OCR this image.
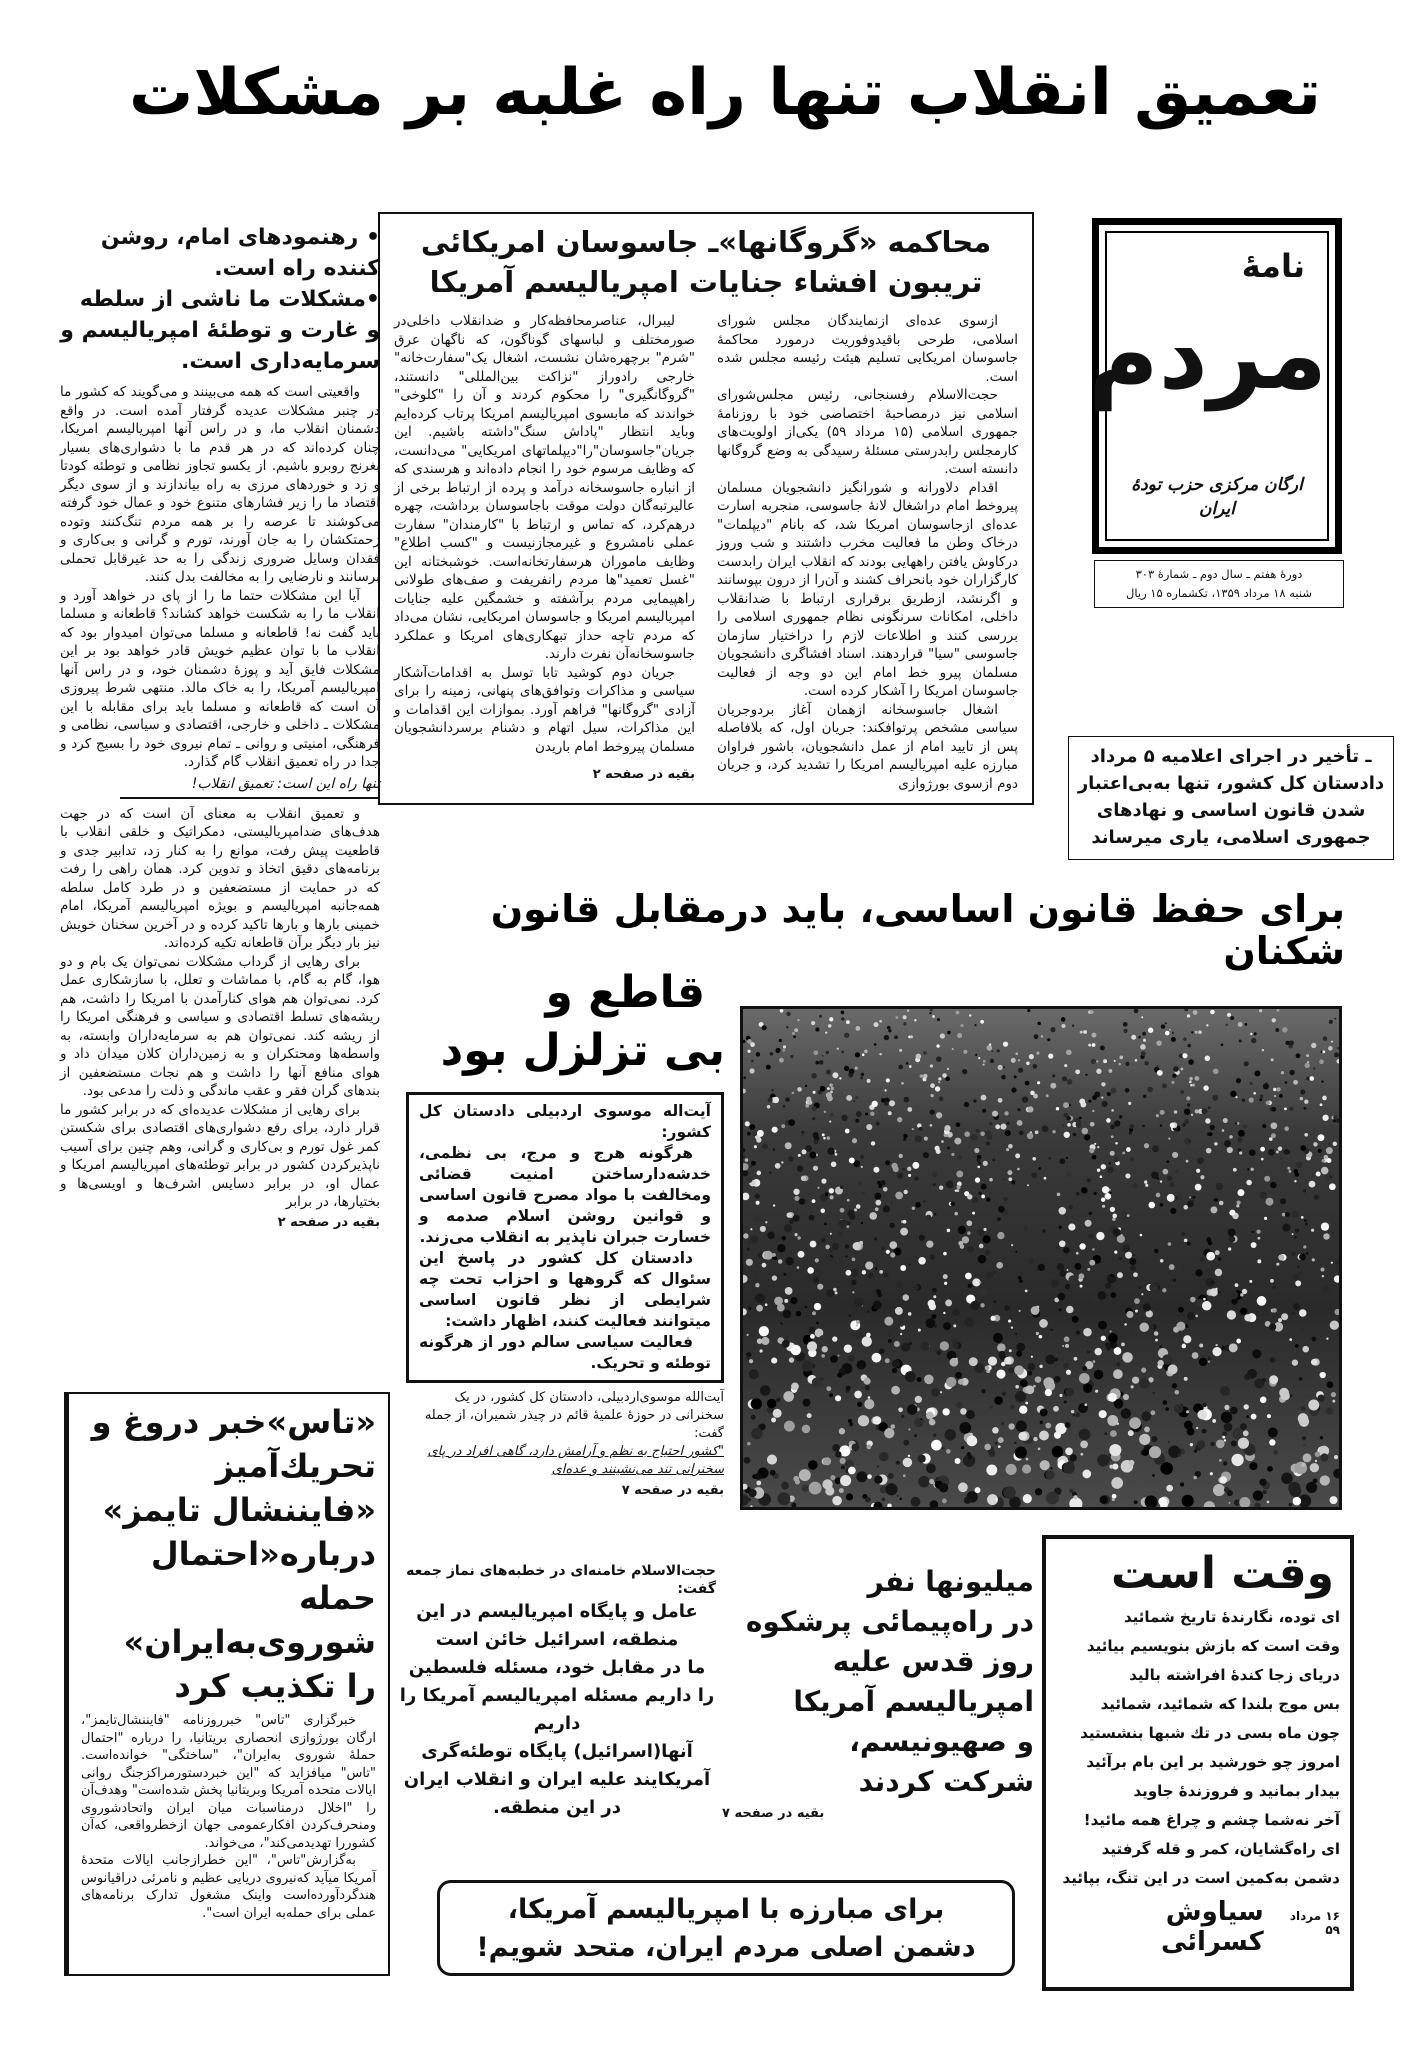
تعمیق انقلاب تنها راه غلبه بر مشکلات
• رهنمودهای امام، روشن کننده راه است.
•مشکلات ما ناشی از سلطه و غارت و توطئهٔ امپریالیسم و سرمایه‌داری است.

واقعیتی است که همه می‌بینند و می‌گویند که کشور ما در چنبر مشکلات عدیده گرفتار آمده است. در واقع دشمنان انقلاب ما، و در راس آنها امپریالیسم امریکا، چنان کرده‌اند که در هر قدم ما با دشواری‌های بسیار بغرنج روبرو باشیم. از یکسو تجاوز نظامی و توطئه کودتا و زد و خوردهای مرزی به راه بیاندازند و از سوی دیگر اقتصاد ما را زیر فشارهای متنوع خود و عمال خود گرفته می‌کوشند تا عرصه را بر همه مردم تنگ‌کنند وتوده زحمتکشان را به جان آورند، تورم و گرانی و بی‌کاری و فقدان وسایل ضروری زندگی را به حد غیرقابل تحملی برسانند و نارضایی را به مخالفت بدل کنند.

آیا این مشکلات حتما ما را از پای در خواهد آورد و انقلاب ما را به شکست خواهد کشاند؟ قاطعانه و مسلما باید گفت نه! قاطعانه و مسلما می‌توان امیدوار بود که انقلاب ما با توان عظیم خویش قادر خواهد بود بر این مشکلات فایق آید و پوزهٔ دشمنان خود، و در راس آنها امپریالیسم آمریکا، را به خاک مالد. منتهی شرط پیروزی آن است که قاطعانه و مسلما باید برای مقابله با این مشکلات ـ داخلی و خارجی، اقتصادی و سیاسی، نظامی و فرهنگی، امنیتی و روانی ـ تمام نیروی خود را بسیج کرد و جدا در راه تعمیق انقلاب گام گذارد.

تنها راه این است: تعمیق انقلاب!

و تعمیق انقلاب به معنای آن است که در جهت هدف‌های ضدامپریالیستی، دمکراتیک و خلقی انقلاب با قاطعیت پیش رفت، موانع را به کنار زد، تدابیر جدی و برنامه‌های دقیق اتخاذ و تدوین کرد. همان راهی را رفت که در حمایت از مستضعفین و در طرد کامل سلطه همه‌جانبه امپریالیسم و بویژه امپریالیسم آمریکا، امام خمینی بارها و بارها تاکید کرده و در آخرین سخنان خویش نیز بار دیگر برآن قاطعانه تکیه کرده‌اند.

برای رهایی از گرداب مشکلات نمی‌توان یک بام و دو هوا، گام به گام، با مماشات و تعلل، با سازشکاری عمل کرد. نمی‌توان هم هوای کنارآمدن با امریکا را داشت، هم ریشه‌های تسلط اقتصادی و سیاسی و فرهنگی امریکا را از ریشه کند. نمی‌توان هم به سرمایه‌داران وابسته، به واسطه‌ها ومحتکران و به زمین‌داران کلان میدان داد و هوای منافع آنها را داشت و هم نجات مستضعفین از بندهای گران فقر و عقب ماندگی و ذلت را مدعی بود.

برای رهایی از مشکلات عدیده‌ای که در برابر کشور ما قرار دارد، برای رفع دشواری‌های اقتصادی برای شکستن کمر غول تورم و بی‌کاری و گرانی، وهم چنین برای آسیب ناپذیرکردن کشور در برابر توطئه‌های امپریالیسم امریکا و عمال او، در برابر دسایس اشرف‌ها و اویسی‌ها و بختیارها، در برابر

بقیه در صفحه ۲
محاکمه «گروگانها»ـ جاسوسان امریکائی
تریبون افشاء جنایات امپریالیسم آمریکا

ازسوی عده‌ای ازنمایندگان مجلس شورای اسلامی، طرحی باقیدوفوریت درمورد محاکمهٔ جاسوسان امریکایی تسلیم هیئت رئیسه مجلس شده است.

حجت‌الاسلام رفسنجانی، رئیس مجلس‌شورای اسلامی نیز درمصاحبهٔ اختصاصی خود با روزنامهٔ جمهوری اسلامی (۱۵ مرداد ۵۹) یکی‌از اولویت‌های کارمجلس رابدرستی مسئلهٔ رسیدگی به وضع گروگانها دانسته است.

اقدام دلاورانه و شورانگیز دانشجویان مسلمان پیروخط امام دراشغال لانهٔ جاسوسی، منجربه اسارت عده‌ای ازجاسوسان امریکا شد، که بانام "دیپلمات" درخاک وطن ما فعالیت مخرب داشتند و شب وروز درکاوش یافتن راههایی بودند که انقلاب ایران رابدست کارگزاران خود بانحراف کشند و آن‌را از درون بپوسانند و اگرنشد، ازطریق برقراری ارتباط با ضدانقلاب داخلی، امکانات سرنگونی نظام جمهوری اسلامی را بررسی کنند و اطلاعات لازم را دراختیار سازمان جاسوسی "سیا" قراردهند. اسناد افشاگری دانشجویان مسلمان پیرو خط امام این دو وجه از فعالیت جاسوسان امریکا را آشکار کرده است.

اشغال جاسوسخانه ازهمان آغاز بردوجریان سیاسی مشخص پرتوافکند: جریان اول، که بلافاصله پس از تایید امام از عمل دانشجویان، باشور فراوان مبارزه علیه امپریالیسم امریکا را تشدید کرد، و جریان دوم ازسوی بورژوازی

لیبرال، عناصرمحافظه‌کار و ضدانقلاب داخلی‌در صورمختلف و لباسهای گوناگون، که ناگهان عرق "شرم" برچهره‌شان نشست، اشغال یک"سفارت‌خانه" خارجی رادوراز "نزاکت بین‌المللی" دانستند، "گروگانگیری" را محکوم کردند و آن را "کلوخی" خواندند که مابسوی امپریالیسم امریکا پرتاب کرده‌ایم وباید انتظار "پاداش سنگ"داشته باشیم. این جریان"جاسوسان"را"دیپلماتهای امریکایی" می‌دانست، که وظایف مرسوم خود را انجام داده‌اند و هرسندی که از انباره جاسوسخانه درآمد و پرده از ارتباط برخی از عالیرتبه‌گان دولت موقت باجاسوسان برداشت، چهره درهم‌کرد، که تماس و ارتباط با "کارمندان" سفارت عملی نامشروع و غیرمجازنیست و "کسب اطلاع" وظایف ماموران هرسفارتخانه‌است. خوشبختانه این "غسل تعمید"ها مردم رانفریفت و صف‌های طولانی راهپیمایی مردم برآشفته و خشمگین علیه جنایات امپریالیسم امریکا و جاسوسان امریکایی، نشان می‌داد که مردم تاچه حداز تبهکاری‌های امریکا و عملکرد جاسوسخانه‌آن نفرت دارند.

جریان دوم کوشید تابا توسل به اقدامات‌آشکار سیاسی و مذاکرات وتوافق‌های پنهانی، زمینه را برای آزادی "گروگانها" فراهم آورد. بموازات این اقدامات و این مذاکرات، سیل اتهام و دشنام برسردانشجویان مسلمان پیروخط امام باریدن

بقیه در صفحه ۲
نامهٔ
مردم
ارگان مرکزی حزب تودهٔ ایران
دورهٔ هفتم ـ سال دوم ـ شمارهٔ ۳۰۳
شنبه ۱۸ مرداد ۱۳۵۹، تکشماره ۱۵ ریال
ـ تأخیر در اجرای اعلامیه ۵ مرداد دادستان کل کشور، تنها به‌بی‌اعتبار شدن قانون اساسی و نهادهای جمهوری اسلامی، یاری میرساند
برای حفظ قانون اساسی، باید درمقابل قانون شکنان
قاطع و
بی تزلزل بود

آیت‌اله موسوی اردبیلی دادستان کل کشور:

هرگونه هرج و مرج، بی نظمی، خدشه‌دارساختن امنیت قضائی ومخالفت با مواد مصرح قانون اساسی و قوانین روشن اسلام صدمه و خسارت جبران ناپذیر به انقلاب می‌زند.

دادستان کل کشور در پاسخ این سئوال که گروهها و احزاب تحت چه شرایطی از نظر قانون اساسی میتوانند فعالیت کنند، اظهار داشت:

فعالیت سیاسی سالم دور از هرگونه توطئه و تحریک.

آیت‌الله موسوی‌اردبیلی، دادستان کل کشور، در یک سخنرانی در حوزهٔ علمیهٔ قائم در چیذر شمیران، از جمله گفت:
"کشور احتیاج به نظم و آرامش دارد، گاهی افراد در پای سخنرانی تند می‌نشینند و عده‌ای
بقیه در صفحه ۷
«تاس»خبر دروغ و
تحریك‌آمیز
«فایننشال تایمز»
درباره«احتمال حمله
شوروی‌به‌ایران»
را تکذیب کرد

خبرگزاری "تاس" خبرروزنامه "فایننشال‌تایمز"، ارگان بورژوازی انحصاری بریتانیا، را درباره "احتمال حملهٔ شوروی به‌ایران"، "ساختگی" خوانده‌است. "تاس" میافزاید که "این خبردستورمراکزجنگ روانی ایالات متحده آمریکا وبریتانیا پخش شده‌است" وهدف‌آن را "اخلال درمناسبات میان ایران واتحادشوروی ومنحرف‌کردن افکارعمومی جهان ازخطرواقعی، که‌آن کشوررا تهدیدمی‌کند"، می‌خواند.

به‌گزارش"تاس"، "این خطرازجانب ایالات متحدهٔ آمریکا میآید که‌نیروی دریایی عظیم و نامرئی دراقیانوس هندگردآورده‌است واینک مشغول تدارک برنامه‌های عملی برای حمله‌به ایران است".

حجت‌الاسلام خامنه‌ای در خطبه‌های نماز جمعه گفت:
عامل و پایگاه امپریالیسم در این منطقه، اسرائیل خائن است
ما در مقابل خود، مسئله فلسطین را داریم مسئله امپریالیسم آمریکا را داریم
آنها(اسرائیل) پایگاه توطئه‌گری آمریکایند علیه ایران و انقلاب ایران در این منطقه.
میلیونها نفر
در راه‌پیمائی پرشکوه
روز قدس علیه
امپریالیسم آمریکا
و صهیونیسم،
شرکت کردند
بقیه در صفحه ۷
برای مبارزه با امپریالیسم آمریکا،
دشمن اصلی مردم ایران، متحد شویم!
وقت است
ای توده، نگارندهٔ تاریخ شمائید
وقت است که بازش بنویسیم بیائید
دریای زجا کندهٔ افراشته بالید
بس موج بلندا که شمائید، شمائید
چون ماه بسی در تك شبها بنشستید
امروز چو خورشید بر این بام برآئید
بیدار بمانید و فروزندهٔ جاوید
آخر نه‌شما چشم و چراغ همه مائید!
ای راه‌گشایان، کمر و قله گرفتید
دشمن به‌کمین است در این تنگ، بپائید
۱۶ مرداد ۵۹
سیاوش کسرائی
